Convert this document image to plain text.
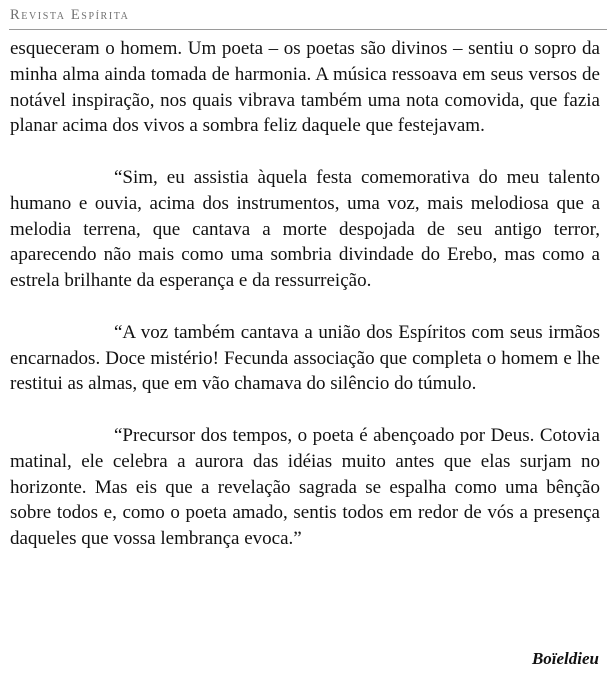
Revista Espírita

esqueceram o homem. Um poeta – os poetas são divinos – sentiu o sopro da minha alma ainda tomada de harmonia. A música ressoava em seus versos de notável inspiração, nos quais vibrava também uma nota comovida, que fazia planar acima dos vivos a sombra feliz daquele que festejavam.

“Sim, eu assistia àquela festa comemorativa do meu talento humano e ouvia, acima dos instrumentos, uma voz, mais melodiosa que a melodia terrena, que cantava a morte despojada de seu antigo terror, aparecendo não mais como uma sombria divindade do Erebo, mas como a estrela brilhante da esperança e da ressurreição.

“A voz também cantava a união dos Espíritos com seus irmãos encarnados. Doce mistério! Fecunda associação que completa o homem e lhe restitui as almas, que em vão chamava do silêncio do túmulo.

“Precursor dos tempos, o poeta é abençoado por Deus. Cotovia matinal, ele celebra a aurora das idéias muito antes que elas surjam no horizonte. Mas eis que a revelação sagrada se espalha como uma bênção sobre todos e, como o poeta amado, sentis todos em redor de vós a presença daqueles que vossa lembrança evoca.”

Boïeldieu
